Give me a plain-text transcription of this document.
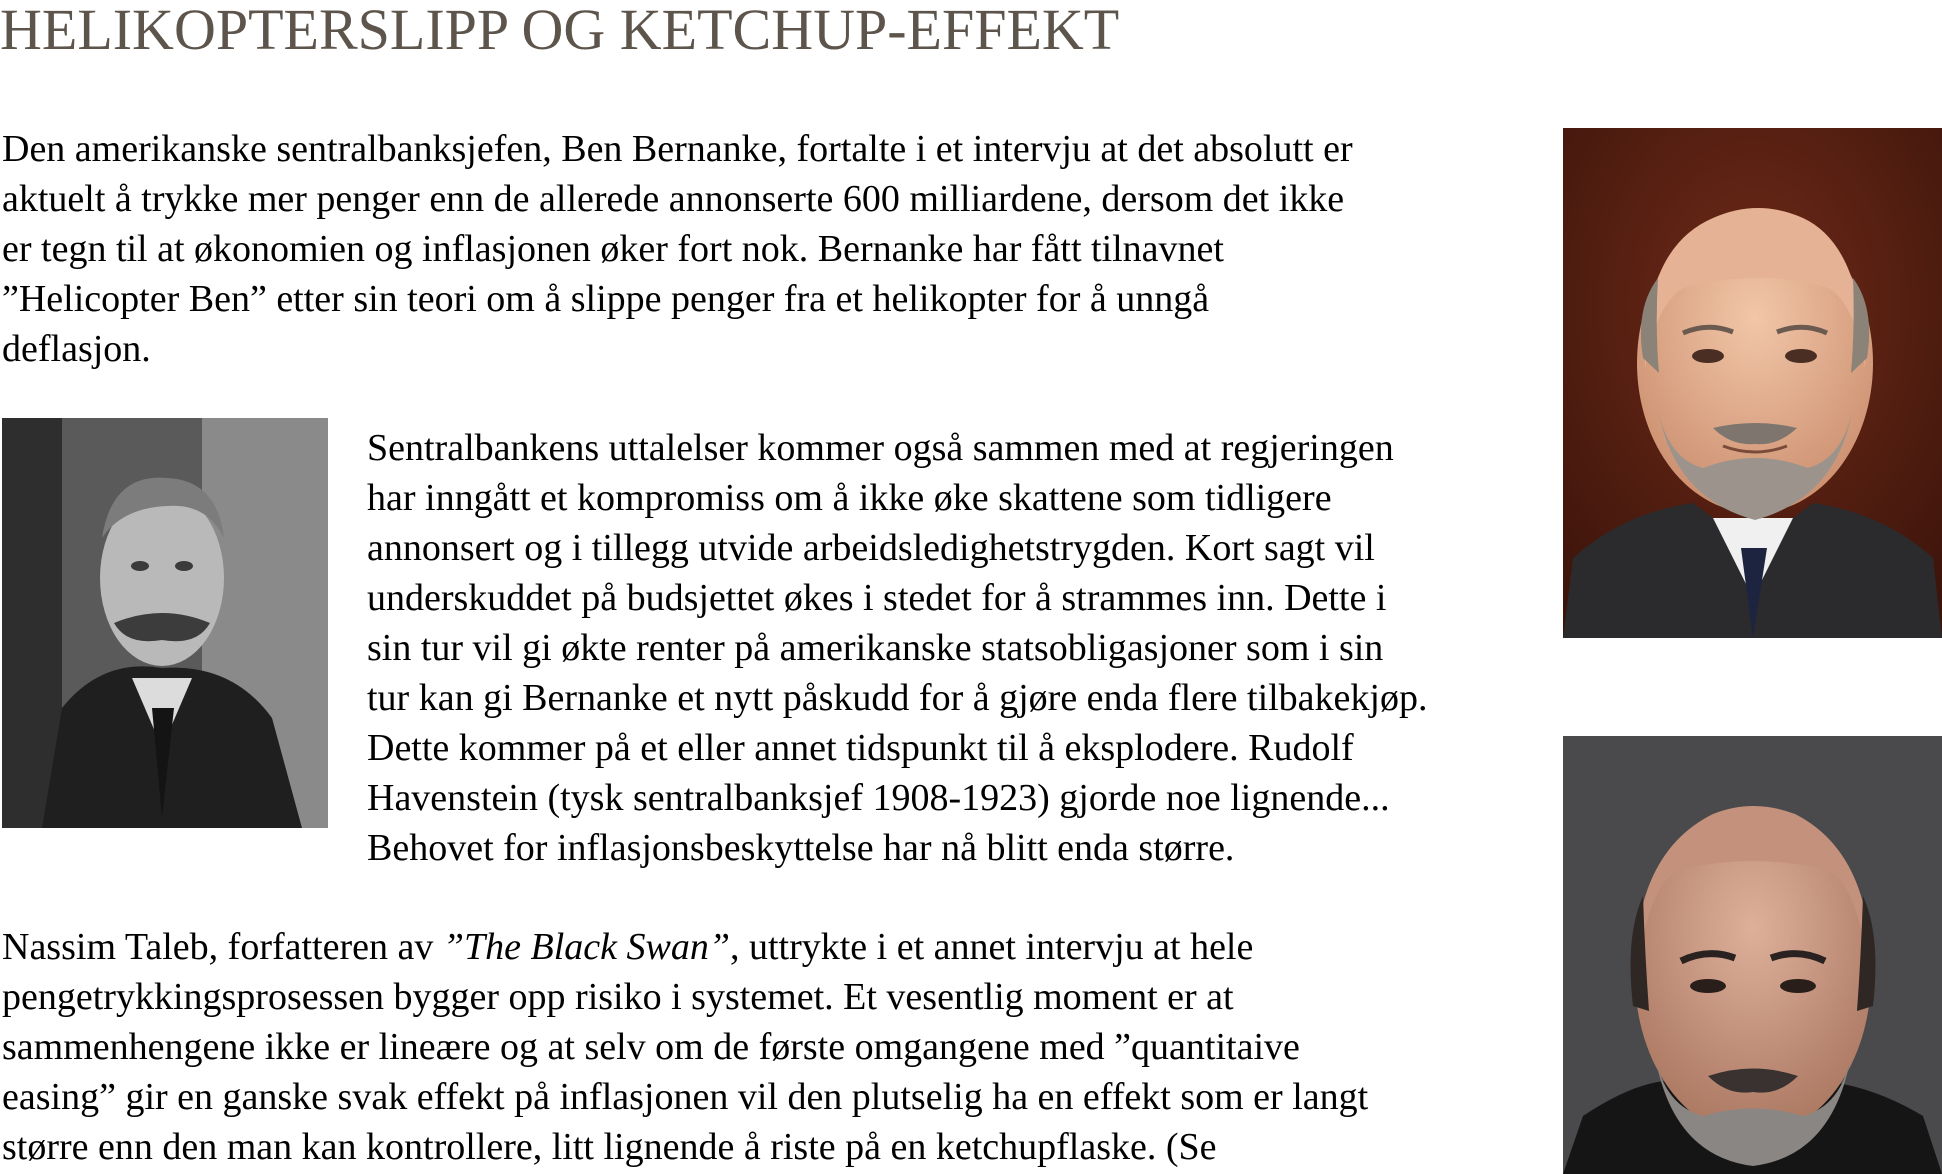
HELIKOPTERSLIPP OG KETCHUP-EFFEKT

Den amerikanske sentralbanksjefen, Ben Bernanke, fortalte i et intervju at det absolutt er
aktuelt å trykke mer penger enn de allerede annonserte 600 milliardene, dersom det ikke
er tegn til at økonomien og inflasjonen øker fort nok. Bernanke har fått tilnavnet
”Helicopter Ben” etter sin teori om å slippe penger fra et helikopter for å unngå
deflasjon.

Sentralbankens uttalelser kommer også sammen med at regjeringen
har inngått et kompromiss om å ikke øke skattene som tidligere
annonsert og i tillegg utvide arbeidsledighetstrygden. Kort sagt vil
underskuddet på budsjettet økes i stedet for å strammes inn. Dette i
sin tur vil gi økte renter på amerikanske statsobligasjoner som i sin
tur kan gi Bernanke et nytt påskudd for å gjøre enda flere tilbakekjøp.
Dette kommer på et eller annet tidspunkt til å eksplodere. Rudolf
Havenstein (tysk sentralbanksjef 1908-1923) gjorde noe lignende...
Behovet for inflasjonsbeskyttelse har nå blitt enda større.

Nassim Taleb, forfatteren av ”The Black Swan”, uttrykte i et annet intervju at hele
pengetrykkingsprosessen bygger opp risiko i systemet. Et vesentlig moment er at
sammenhengene ikke er lineære og at selv om de første omgangene med ”quantitaive
easing” gir en ganske svak effekt på inflasjonen vil den plutselig ha en effekt som er langt
større enn den man kan kontrollere, litt lignende å riste på en ketchupflaske. (Se
